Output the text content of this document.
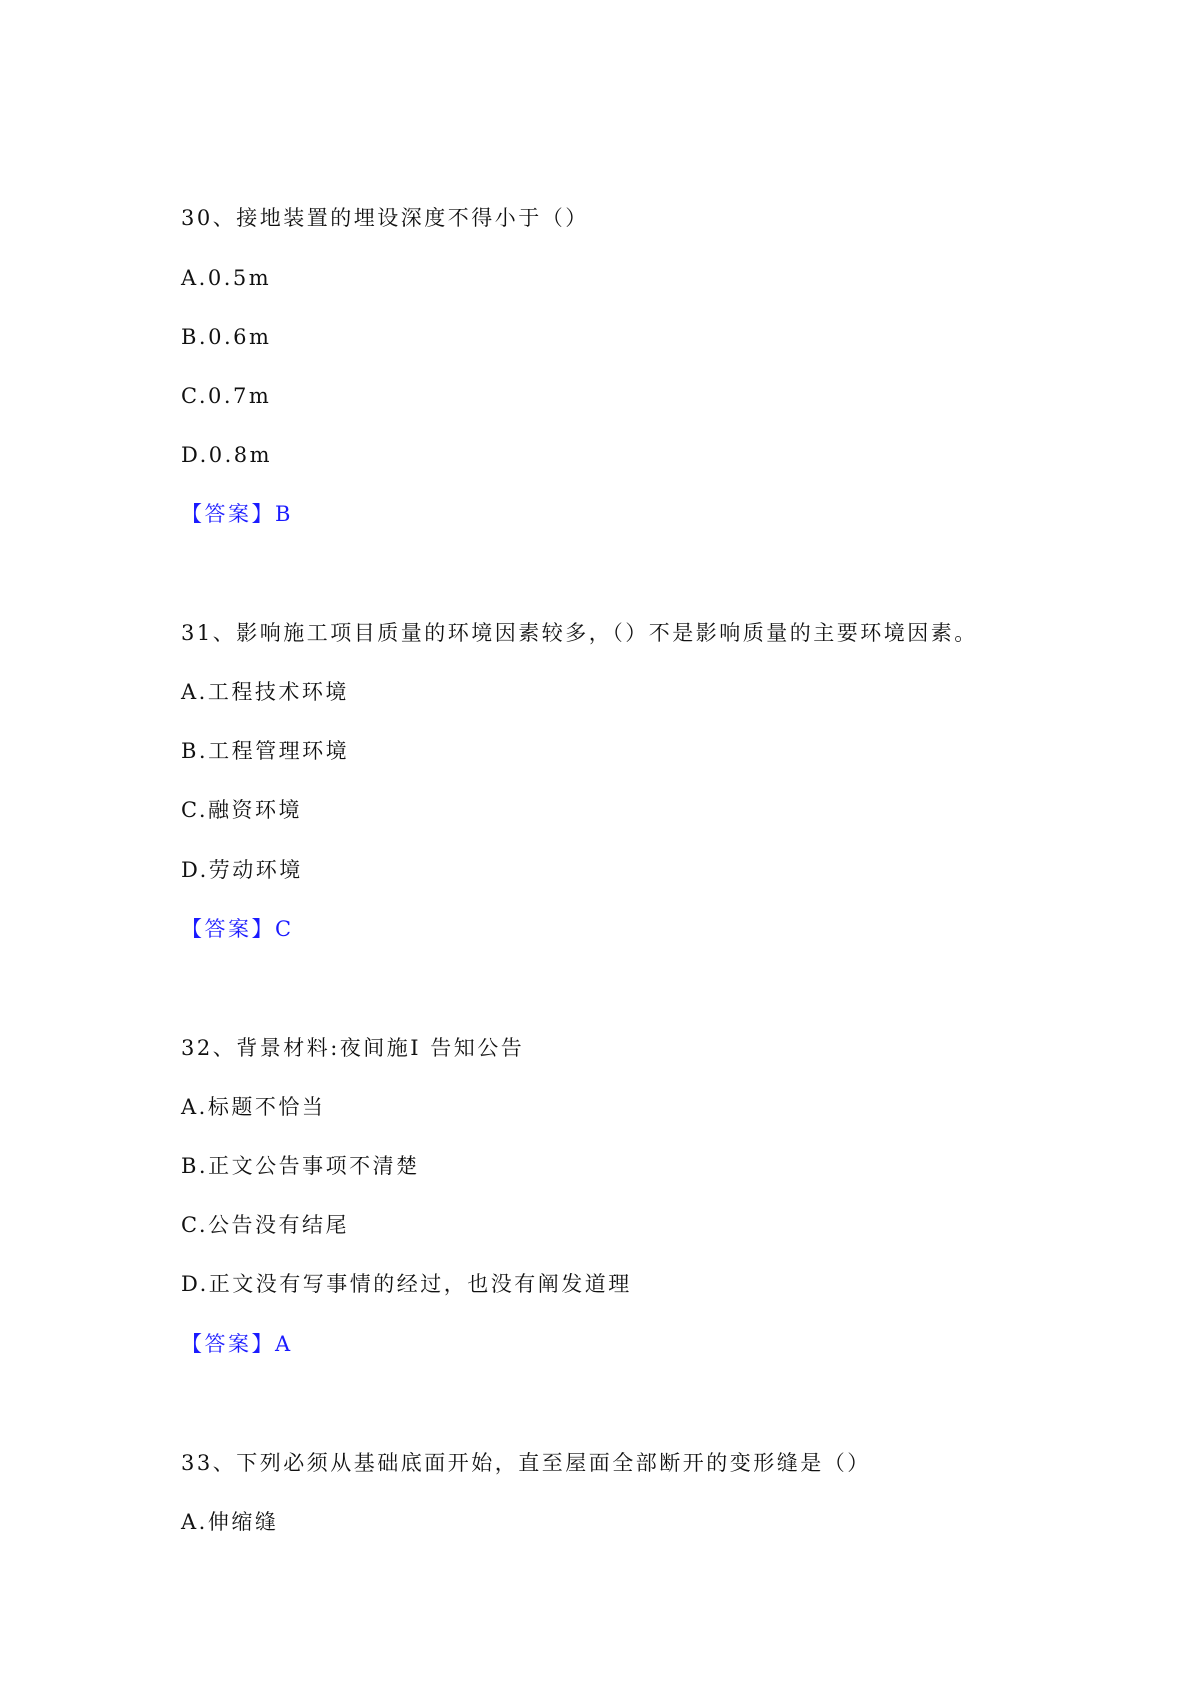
30、接地装置的埋设深度不得小于（）
A.0.5m
B.0.6m
C.0.7m
D.0.8m
【答案】B
31、影响施工项目质量的环境因素较多，（）不是影响质量的主要环境因素。
A.工程技术环境
B.工程管理环境
C.融资环境
D.劳动环境
【答案】C
32、背景材料:夜间施I 告知公告
A.标题不恰当
B.正文公告事项不清楚
C.公告没有结尾
D.正文没有写事情的经过，也没有阐发道理
【答案】A
33、下列必须从基础底面开始，直至屋面全部断开的变形缝是（）
A.伸缩缝
